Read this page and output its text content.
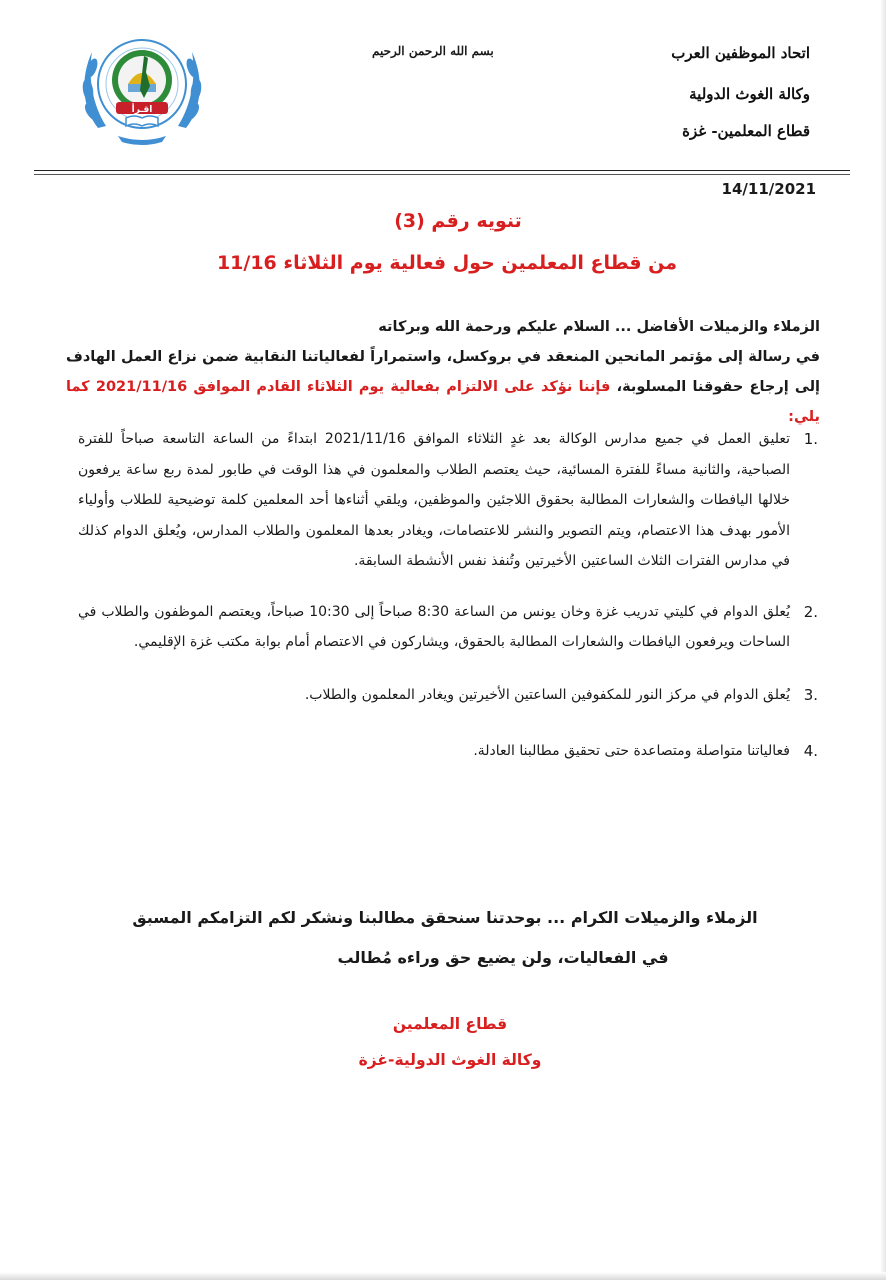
اتحاد الموظفين العرب
وكالة الغوث الدولية
قطاع المعلمين- غزة
بسم الله الرحمن الرحيم
اقـرأ
14/11/2021
تنويه رقم (3)
من قطاع المعلمين حول فعالية يوم الثلاثاء 11/16

الزملاء والزميلات الأفاضل ... السلام عليكم ورحمة الله وبركاته

في رسالة إلى مؤتمر المانحين المنعقد في بروكسل، واستمراراً لفعالياتنا النقابية ضمن نزاع العمل الهادف إلى إرجاع حقوقنا المسلوبة، فإننا نؤكد على الالتزام بفعالية يوم الثلاثاء القادم الموافق 2021/11/16 كما يلي:

1.
تعليق العمل في جميع مدارس الوكالة بعد غدٍ الثلاثاء الموافق 2021/11/16 ابتداءً من الساعة التاسعة صباحاً للفترة الصباحية، والثانية مساءً للفترة المسائية، حيث يعتصم الطلاب والمعلمون في هذا الوقت في طابور لمدة ربع ساعة يرفعون خلالها اليافطات والشعارات المطالبة بحقوق اللاجئين والموظفين، ويلقي أثناءها أحد المعلمين كلمة توضيحية للطلاب وأولياء الأمور بهدف هذا الاعتصام، ويتم التصوير والنشر للاعتصامات، ويغادر بعدها المعلمون والطلاب المدارس، ويُعلق الدوام كذلك في مدارس الفترات الثلاث الساعتين الأخيرتين وتُنفذ نفس الأنشطة السابقة.
2.
يُعلق الدوام في كليتي تدريب غزة وخان يونس من الساعة 8:30 صباحاً إلى 10:30 صباحاً، ويعتصم الموظفون والطلاب في الساحات ويرفعون اليافطات والشعارات المطالبة بالحقوق، ويشاركون في الاعتصام أمام بوابة مكتب غزة الإقليمي.
3.
يُعلق الدوام في مركز النور للمكفوفين الساعتين الأخيرتين ويغادر المعلمون والطلاب.
4.
فعالياتنا متواصلة ومتصاعدة حتى تحقيق مطالبنا العادلة.

الزملاء والزميلات الكرام ... بوحدتنا سنحقق مطالبنا ونشكر لكم التزامكم المسبق

في الفعاليات، ولن يضيع حق وراءه مُطالب

قطاع المعلمين

وكالة الغوث الدولية-غزة
